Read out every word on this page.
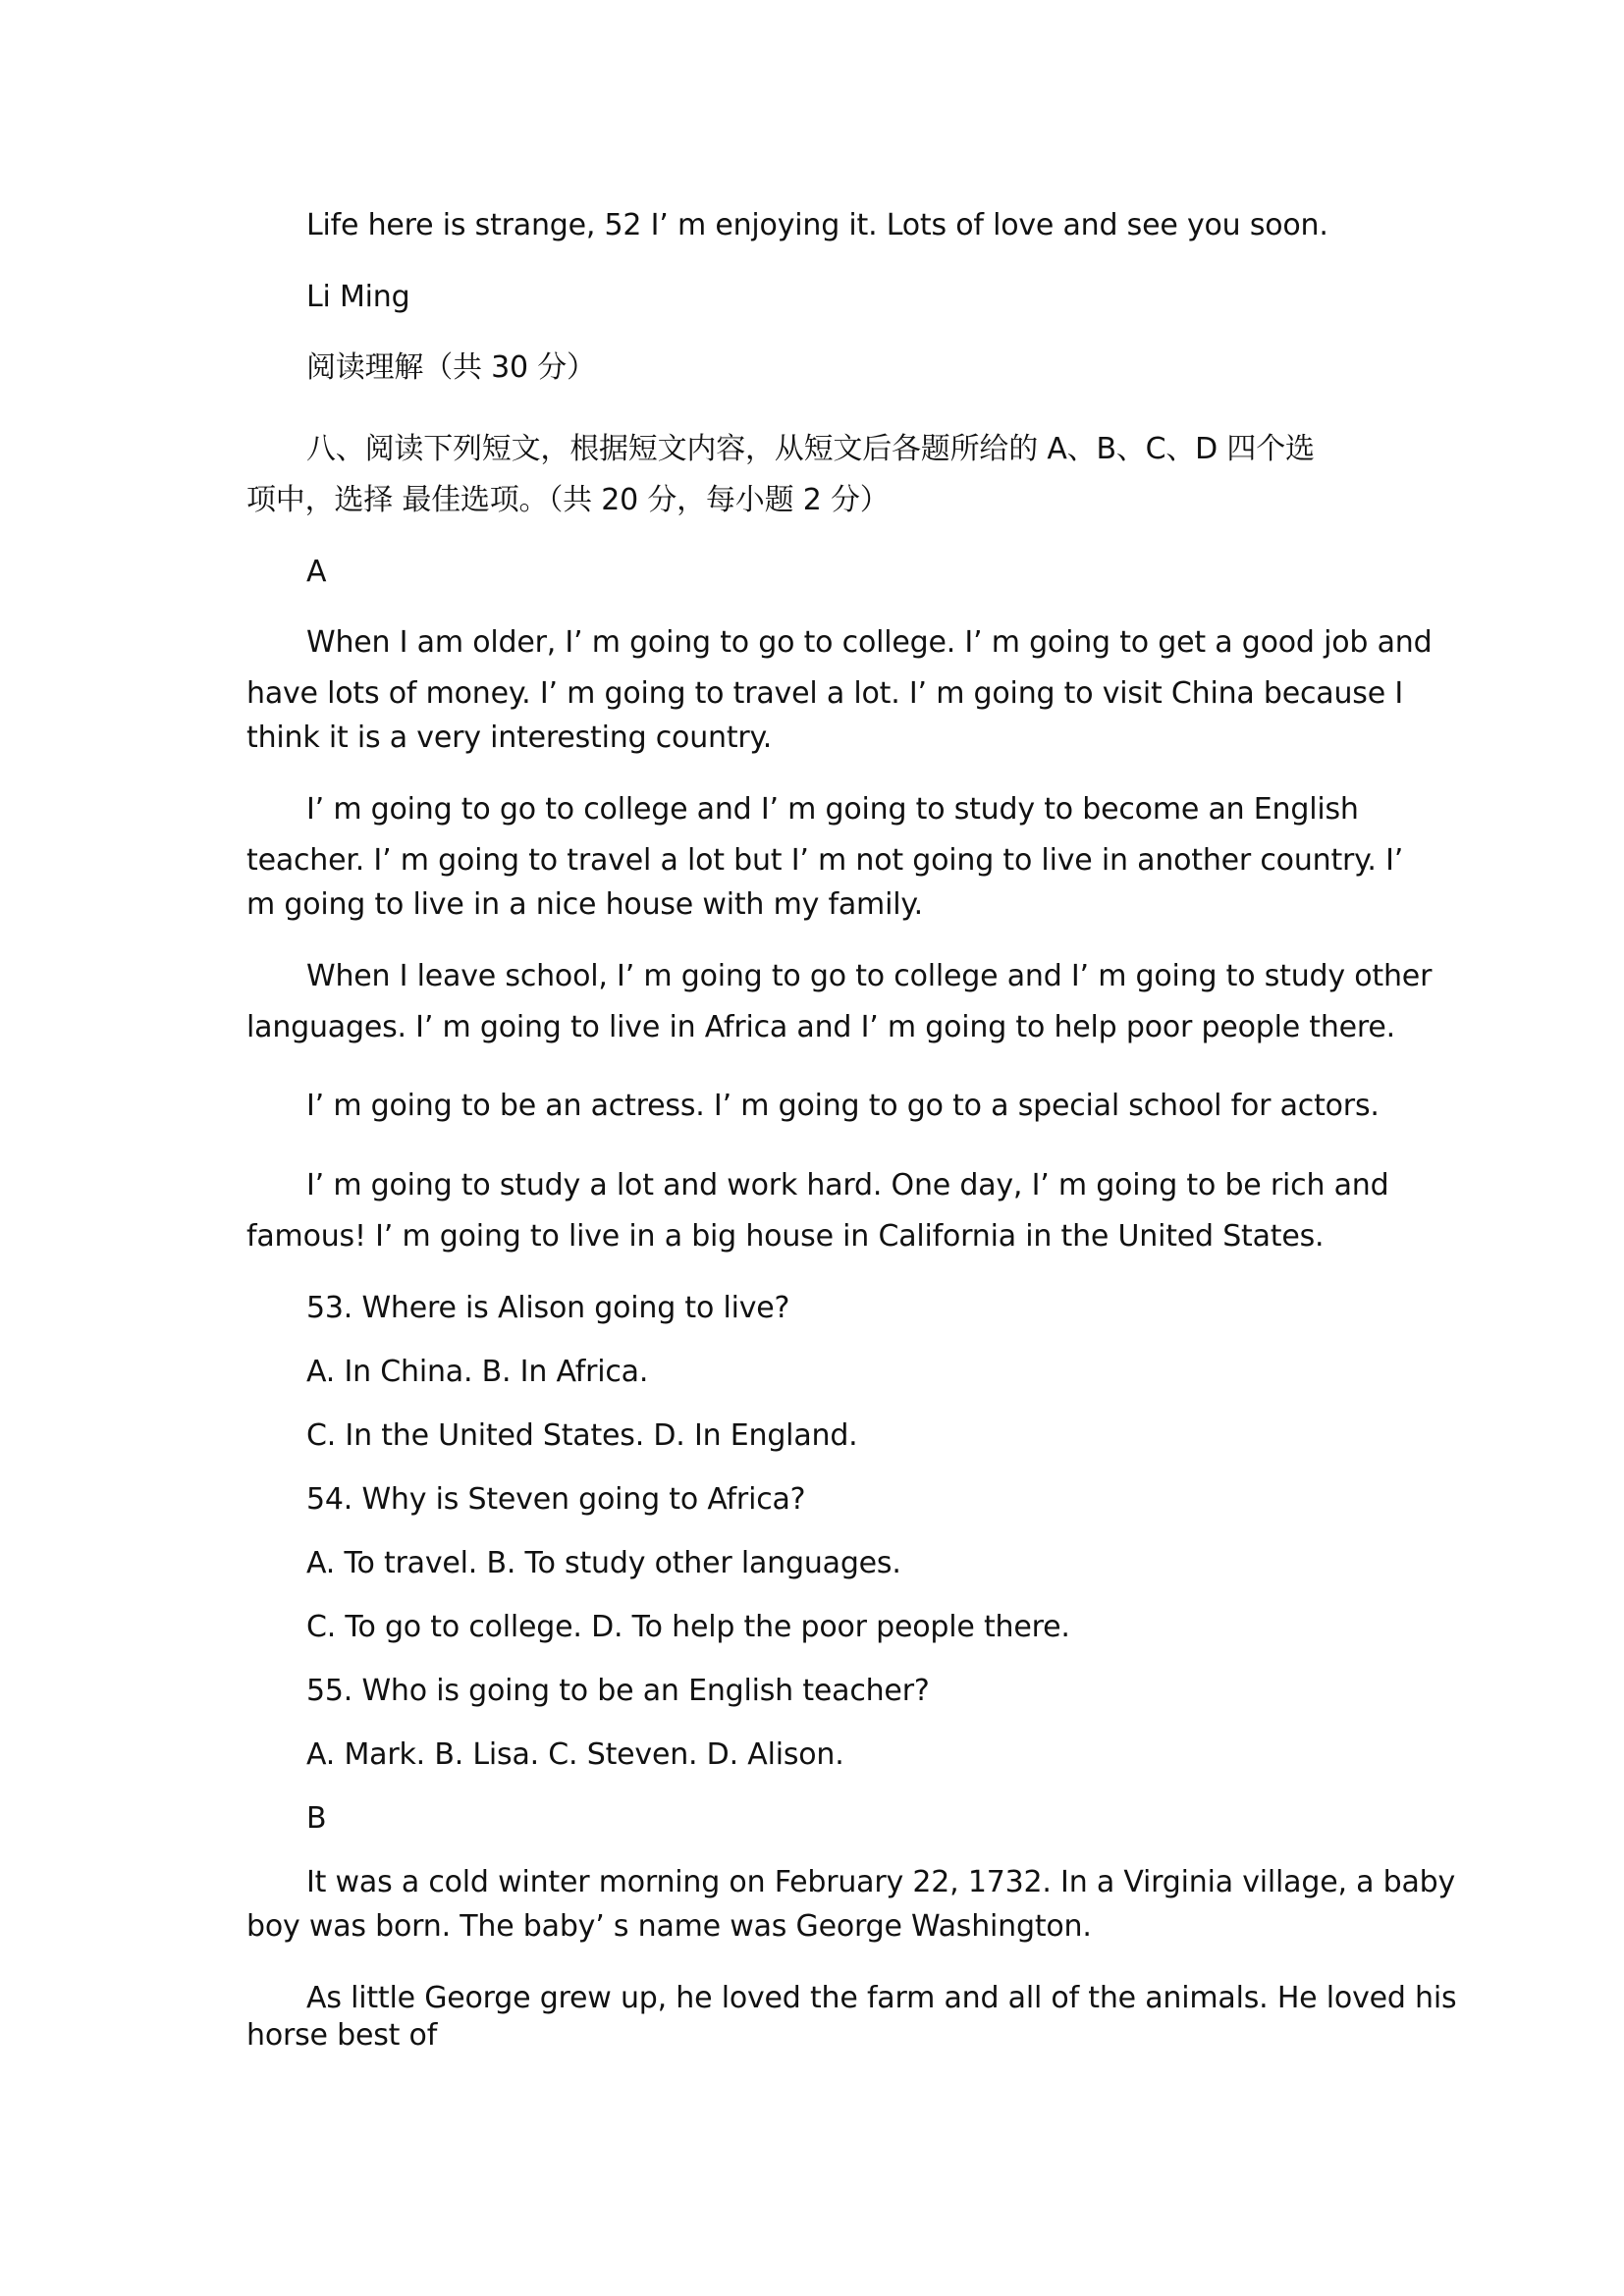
Life here is strange, 52 I’ m enjoying it. Lots of love and see you soon.
Li Ming
阅读理解（共 30 分）
八、阅读下列短文，根据短文内容，从短文后各题所给的 A、B、C、D 四个选
项中，选择 最佳选项。（共 20 分，每小题 2 分）
A
When I am older, I’ m going to go to college. I’ m going to get a good job and
have lots of money. I’ m going to travel a lot. I’ m going to visit China because I
think it is a very interesting country.
I’ m going to go to college and I’ m going to study to become an English
teacher. I’ m going to travel a lot but I’ m not going to live in another country. I’
m going to live in a nice house with my family.
When I leave school, I’ m going to go to college and I’ m going to study other
languages. I’ m going to live in Africa and I’ m going to help poor people there.
I’ m going to be an actress. I’ m going to go to a special school for actors.
I’ m going to study a lot and work hard. One day, I’ m going to be rich and
famous! I’ m going to live in a big house in California in the United States.
53. Where is Alison going to live?
A. In China. B. In Africa.
C. In the United States. D. In England.
54. Why is Steven going to Africa?
A. To travel. B. To study other languages.
C. To go to college. D. To help the poor people there.
55. Who is going to be an English teacher?
A. Mark. B. Lisa. C. Steven. D. Alison.
B
It was a cold winter morning on February 22, 1732. In a Virginia village, a baby
boy was born. The baby’ s name was George Washington.
As little George grew up, he loved the farm and all of the animals. He loved his
horse best of
